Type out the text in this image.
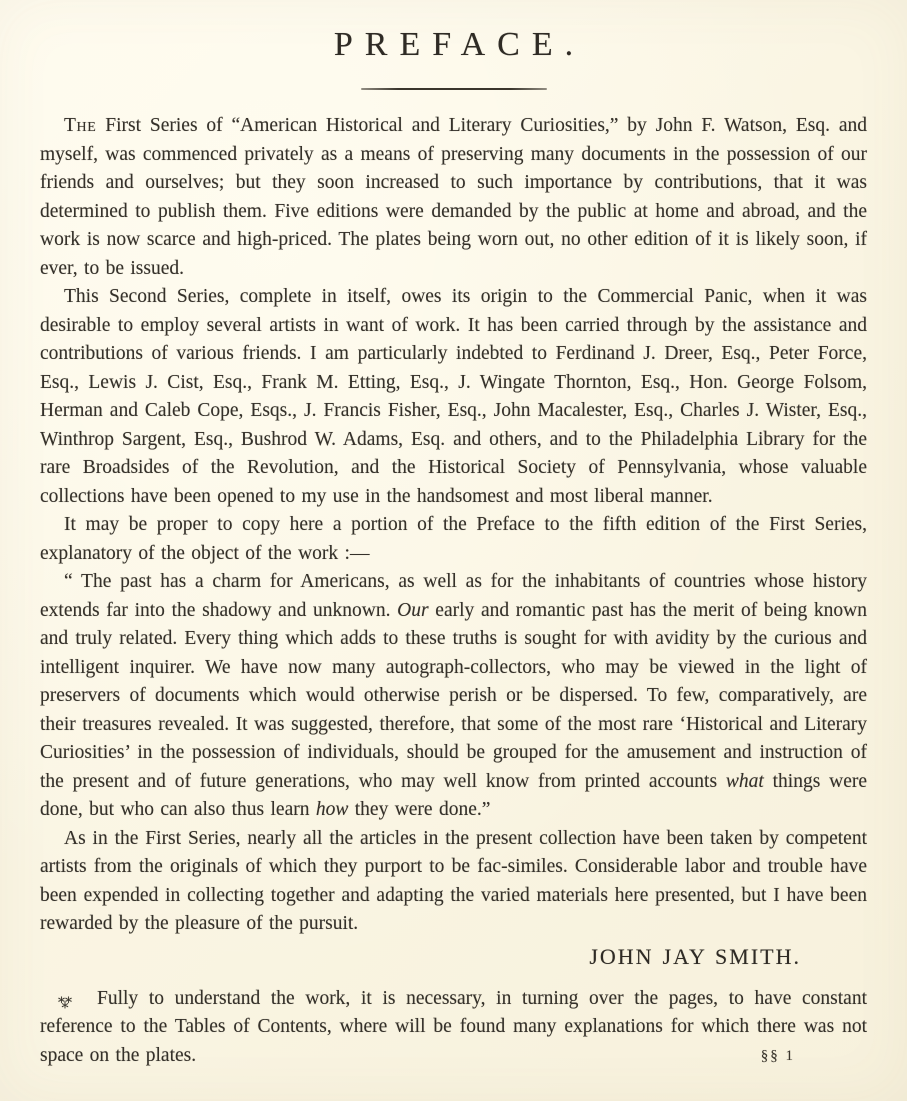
PREFACE.

The First Series of “American Historical and Literary Curiosities,” by John F. Watson, Esq. and myself, was commenced privately as a means of preserving many documents in the possession of our friends and ourselves; but they soon increased to such importance by contributions, that it was determined to publish them. Five editions were demanded by the public at home and abroad, and the work is now scarce and high-priced. The plates being worn out, no other edition of it is likely soon, if ever, to be issued.

This Second Series, complete in itself, owes its origin to the Commercial Panic, when it was desirable to employ several artists in want of work. It has been carried through by the assistance and contributions of various friends. I am particularly indebted to Ferdinand J. Dreer, Esq., Peter Force, Esq., Lewis J. Cist, Esq., Frank M. Etting, Esq., J. Wingate Thornton, Esq., Hon. George Folsom, Herman and Caleb Cope, Esqs., J. Francis Fisher, Esq., John Macalester, Esq., Charles J. Wister, Esq., Winthrop Sargent, Esq., Bushrod W. Adams, Esq. and others, and to the Philadelphia Library for the rare Broadsides of the Revolution, and the Historical Society of Pennsylvania, whose valuable collections have been opened to my use in the handsomest and most liberal manner.

It may be proper to copy here a portion of the Preface to the fifth edition of the First Series, explanatory of the object of the work :—

“ The past has a charm for Americans, as well as for the inhabitants of countries whose history extends far into the shadowy and unknown. Our early and romantic past has the merit of being known and truly related. Every thing which adds to these truths is sought for with avidity by the curious and intelligent inquirer. We have now many autograph-collectors, who may be viewed in the light of preservers of documents which would otherwise perish or be dispersed. To few, comparatively, are their treasures revealed. It was suggested, therefore, that some of the most rare ‘Historical and Literary Curiosities’ in the possession of individuals, should be grouped for the amusement and instruction of the present and of future generations, who may well know from printed accounts what things were done, but who can also thus learn how they were done.”

As in the First Series, nearly all the articles in the present collection have been taken by competent artists from the originals of which they purport to be fac-similes. Considerable labor and trouble have been expended in collecting together and adapting the varied materials here presented, but I have been rewarded by the pleasure of the pursuit.

JOHN JAY SMITH.

⁂ Fully to understand the work, it is necessary, in turning over the pages, to have constant reference to the Tables of Contents, where will be found many explanations for which there was not space on the plates.	§§ 1
